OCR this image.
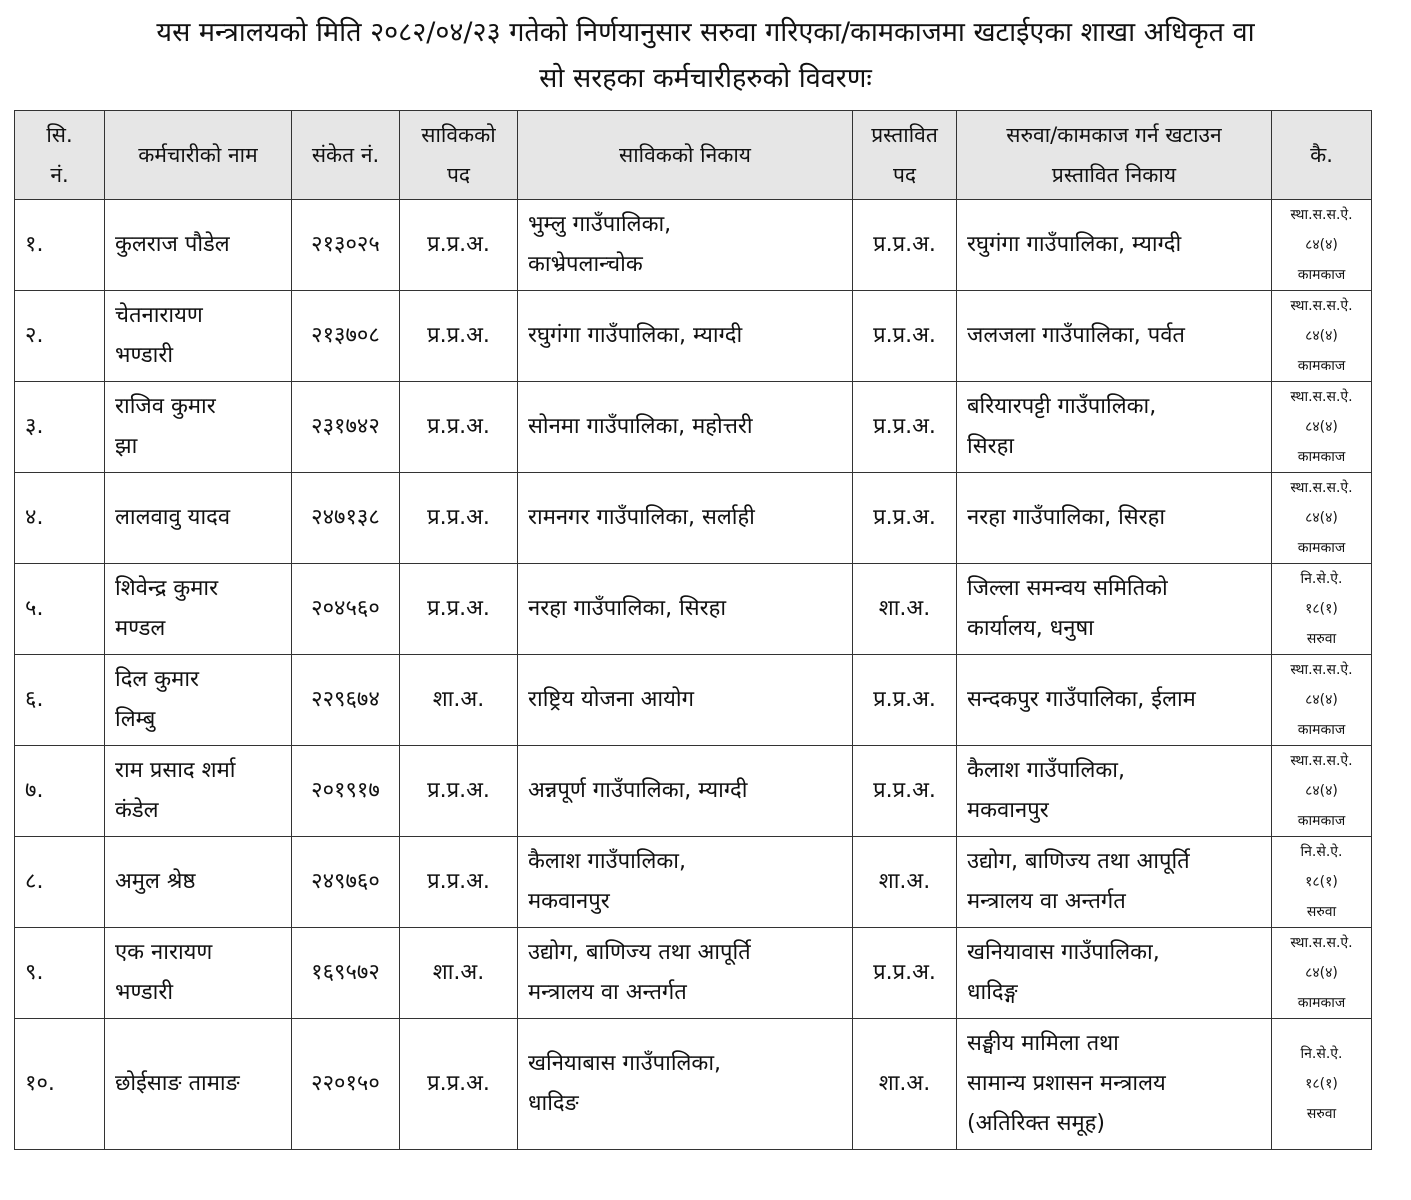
यस मन्त्रालयको मिति २०८२/०४/२३ गतेको निर्णयानुसार सरुवा गरिएका/कामकाजमा खटाईएका शाखा अधिकृत वा
सो सरहका कर्मचारीहरुको विवरणः
सि.
नं.	कर्मचारीको नाम	संकेत नं.	साविकको
पद	साविकको निकाय	प्रस्तावित
पद	सरुवा/कामकाज गर्न खटाउन
प्रस्तावित निकाय	कै.
१.	कुलराज पौडेल	२१३०२५	प्र.प्र.अ.	भुम्लु गाउँपालिका,
काभ्रेपलान्चोक	प्र.प्र.अ.	रघुगंगा गाउँपालिका, म्याग्दी	स्था.स.स.ऐ.
८४(४)
कामकाज

२.	चेतनारायण
भण्डारी	२१३७०८	प्र.प्र.अ.	रघुगंगा गाउँपालिका, म्याग्दी	प्र.प्र.अ.	जलजला गाउँपालिका, पर्वत	स्था.स.स.ऐ.
८४(४)
कामकाज

३.	राजिव कुमार
झा	२३१७४२	प्र.प्र.अ.	सोनमा गाउँपालिका, महोत्तरी	प्र.प्र.अ.	बरियारपट्टी गाउँपालिका,
सिरहा	स्था.स.स.ऐ.
८४(४)
कामकाज

४.	लालवावु यादव	२४७१३८	प्र.प्र.अ.	रामनगर गाउँपालिका, सर्लाही	प्र.प्र.अ.	नरहा गाउँपालिका, सिरहा	स्था.स.स.ऐ.
८४(४)
कामकाज

५.	शिवेन्द्र कुमार
मण्डल	२०४५६०	प्र.प्र.अ.	नरहा गाउँपालिका, सिरहा	शा.अ.	जिल्ला समन्वय समितिको
कार्यालय, धनुषा	नि.से.ऐ.
१८(१)
सरुवा

६.	दिल कुमार
लिम्बु	२२९६७४	शा.अ.	राष्ट्रिय योजना आयोग	प्र.प्र.अ.	सन्दकपुर गाउँपालिका, ईलाम	स्था.स.स.ऐ.
८४(४)
कामकाज

७.	राम प्रसाद शर्मा
कंडेल	२०१९१७	प्र.प्र.अ.	अन्नपूर्ण गाउँपालिका, म्याग्दी	प्र.प्र.अ.	कैलाश गाउँपालिका,
मकवानपुर	स्था.स.स.ऐ.
८४(४)
कामकाज

८.	अमुल श्रेष्ठ	२४९७६०	प्र.प्र.अ.	कैलाश गाउँपालिका,
मकवानपुर	शा.अ.	उद्योग, बाणिज्य तथा आपूर्ति
मन्त्रालय वा अन्तर्गत	नि.से.ऐ.
१८(१)
सरुवा

९.	एक नारायण
भण्डारी	१६९५७२	शा.अ.	उद्योग, बाणिज्य तथा आपूर्ति
मन्त्रालय वा अन्तर्गत	प्र.प्र.अ.	खनियावास गाउँपालिका,
धादिङ्ग	स्था.स.स.ऐ.
८४(४)
कामकाज

१०.	छोईसाङ तामाङ	२२०१५०	प्र.प्र.अ.	खनियाबास गाउँपालिका,
धादिङ	शा.अ.	सङ्घीय मामिला तथा
सामान्य प्रशासन मन्त्रालय
(अतिरिक्त समूह)	नि.से.ऐ.
१८(१)
सरुवा
